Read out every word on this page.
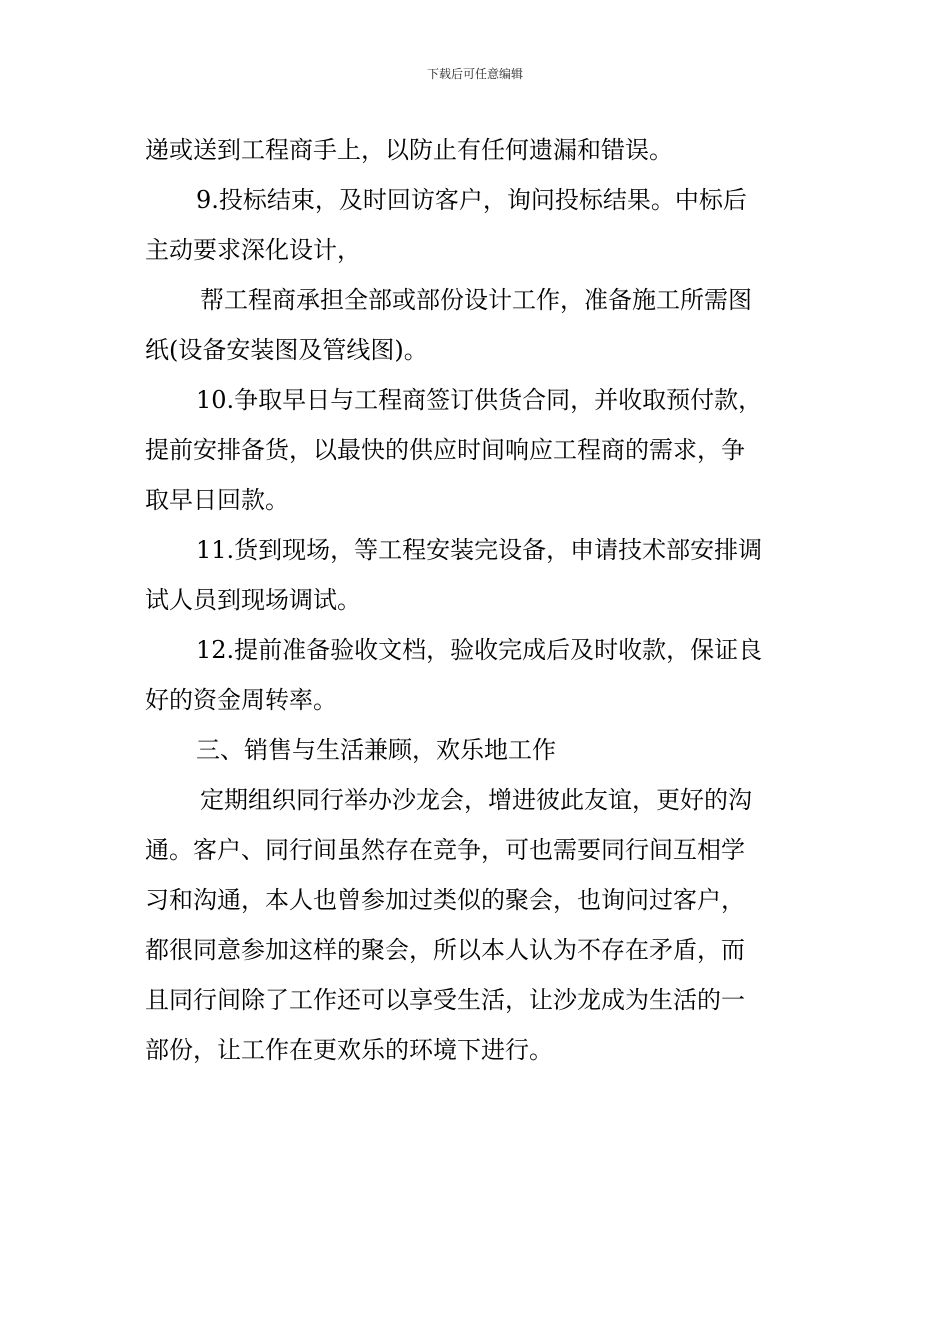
下载后可任意编辑
递或送到工程商手上，以防止有任何遗漏和错误。
9.投标结束，及时回访客户，询问投标结果。中标后
主动要求深化设计，
帮工程商承担全部或部份设计工作，准备施工所需图
纸(设备安装图及管线图)。
10.争取早日与工程商签订供货合同，并收取预付款，
提前安排备货，以最快的供应时间响应工程商的需求，争
取早日回款。
11.货到现场，等工程安装完设备，申请技术部安排调
试人员到现场调试。
12.提前准备验收文档，验收完成后及时收款，保证良
好的资金周转率。
三、销售与生活兼顾，欢乐地工作
定期组织同行举办沙龙会，增进彼此友谊，更好的沟
通。客户、同行间虽然存在竞争，可也需要同行间互相学
习和沟通，本人也曾参加过类似的聚会，也询问过客户，
都很同意参加这样的聚会，所以本人认为不存在矛盾，而
且同行间除了工作还可以享受生活，让沙龙成为生活的一
部份，让工作在更欢乐的环境下进行。
